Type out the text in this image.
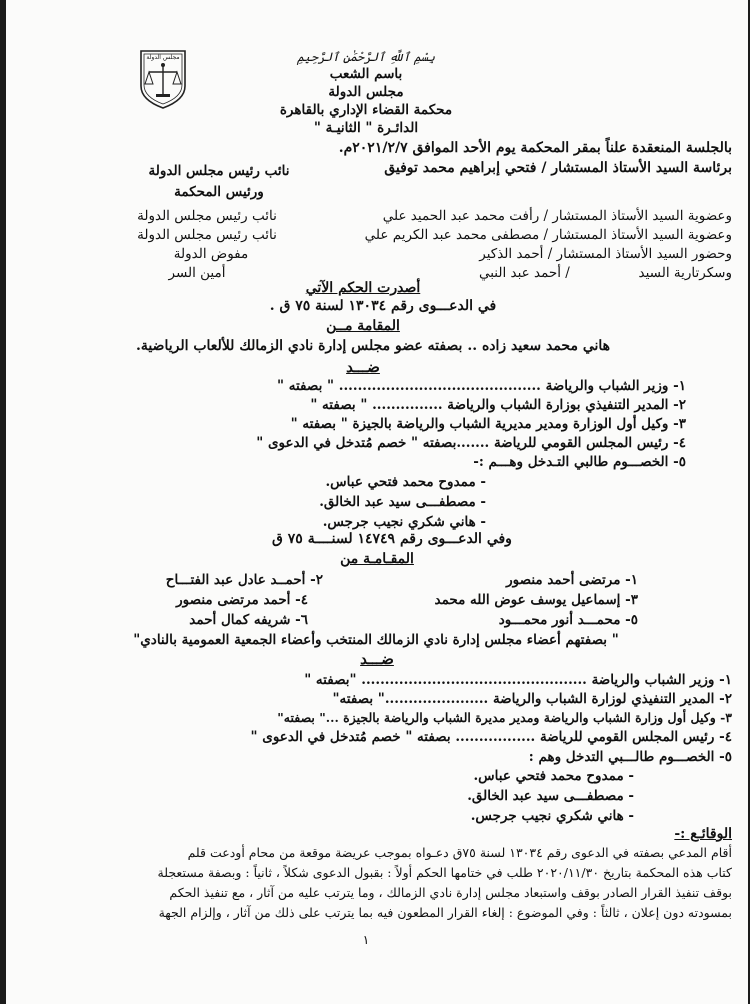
مجلس الدولة	بِسْمِ ٱللَّهِ ٱلرَّحْمَٰنِ ٱلرَّحِيمِ
باسم الشعب
مجلس الدولة
محكمة القضاء الإداري بالقاهرة
الدائـرة " الثانيـة "
بالجلسة المنعقدة علناً بمقر المحكمة يوم الأحد الموافق ٢٠٢١/٢/٧م.
برئاسة السيد الأستاذ المستشار / فتحي إبراهيم محمد توفيق
نائب رئيس مجلس الدولة
ورئيس المحكمة
نائب رئيس مجلس الدولة
نائب رئيس مجلس الدولة
مفوض الدولة
أمين السر
وعضوية السيد الأستاذ المستشار / رأفت محمد عبد الحميد علي
وعضوية السيد الأستاذ المستشار / مصطفى محمد عبد الكريم علي
وحضور السيد الأستاذ المستشار / أحمد الذكير
وسكرتارية السيد                / أحمد عبد النبي
أصدرت الحكم الآتي
في الدعـــوى رقم ١٣٠٣٤ لسنة ٧٥ ق .
المقامة مــن
هاني محمد سعيد زاده .. بصفته عضو مجلس إدارة نادي الزمالك للألعاب الرياضية.
ضـــد
١- وزير الشباب والرياضة ........................................... " بصفته "
٢- المدير التنفيذي بوزارة الشباب والرياضة ............... " بصفته "
٣- وكيل أول الوزارة ومدير مديرية الشباب والرياضة بالجيزة " بصفته "
٤- رئيس المجلس القومي للرياضة .......بصفته " خصم مُتدخل في الدعوى "
٥- الخصـــوم طالبي التـدخل وهـــم :-
- ممدوح محمد فتحي عباس.
- مصطفـــى سيد عبد الخالق.
- هاني شكري نجيب جرجس.
وفي الدعـــوى رقم ١٤٧٤٩ لسنــــة ٧٥ ق
المقـامـة من
١- مرتضى أحمد منصور
٣- إسماعيل يوسف عوض الله محمد
٥- محمـــد أنور محمـــود
٢- أحمــد عادل عبد الفتـــاح
٤- أحمد مرتضى منصور
٦- شريفه كمال أحمد
" بصفتهم أعضاء مجلس إدارة نادي الزمالك المنتخب وأعضاء الجمعية العمومية بالنادي"
ضـــد
١- وزير الشباب والرياضة ................................................ "بصفته "
٢- المدير التنفيذي لوزارة الشباب والرياضة ......................" بصفته"
٣- وكيل أول وزارة الشباب والرياضة ومدير مديرة الشباب والرياضة بالجيزة ..." بصفته"
٤- رئيس المجلس القومي للرياضة ................. بصفته " خصم مُتدخل في الدعوى "
٥- الخصـــوم طالـــبي التدخل وهم :
- ممدوح محمد فتحي عباس.
- مصطفـــى سيد عبد الخالق.
- هاني شكري نجيب جرجس.
الوقائـع :-
أقام المدعي بصفته في الدعوى رقم ١٣٠٣٤ لسنة ٧٥ق دعـواه بموجب عريضة موقعة من محام أودعت قلم
كتاب هذه المحكمة بتاريخ ٢٠٢٠/١١/٣٠ طلب في ختامها الحكم أولاً : بقبول الدعوى شكلاً ، ثانياً : وبصفة مستعجلة
بوقف تنفيذ القرار الصادر بوقف واستبعاد مجلس إدارة نادي الزمالك ، وما يترتب عليه من آثار ، مع تنفيذ الحكم
بمسودته دون إعلان ، ثالثاً : وفي الموضوع : إلغاء القرار المطعون فيه بما يترتب على ذلك من آثار ، وإلزام الجهة
١
